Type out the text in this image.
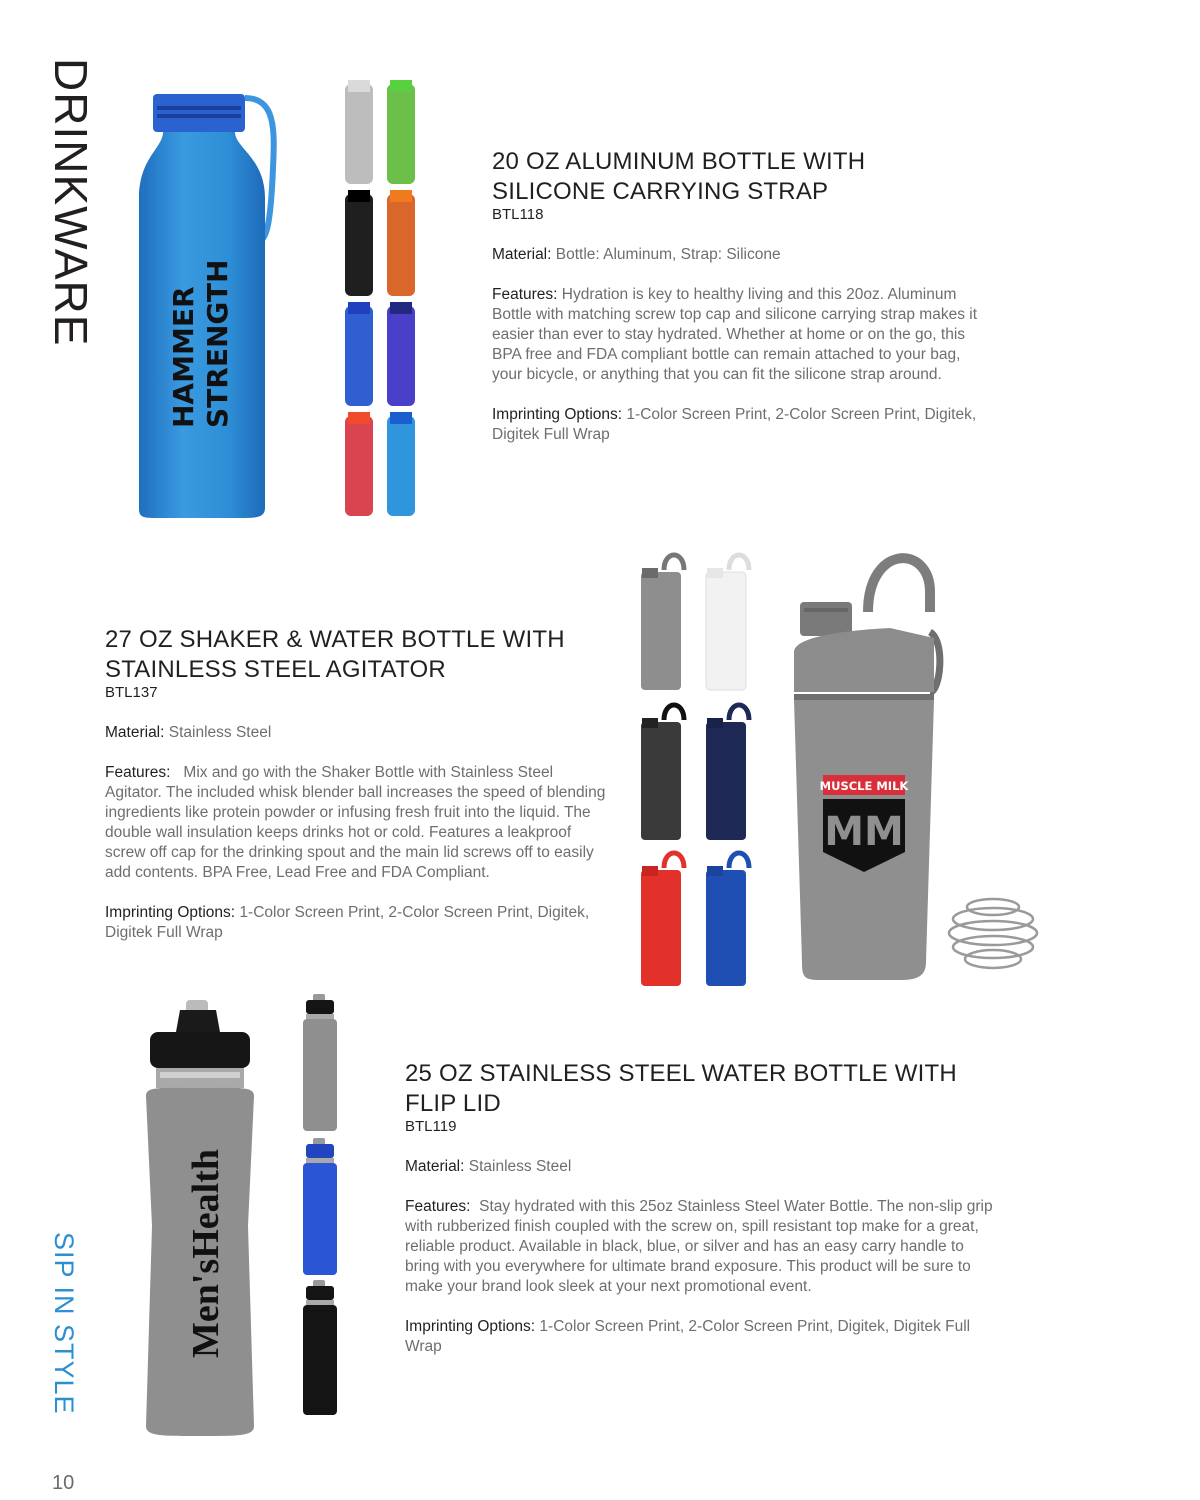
DRINKWARE
SIP IN STYLE
10
HAMMER STRENGTH
20 OZ ALUMINUM BOTTLE WITH
SILICONE CARRYING STRAP
BTL118

Material: Bottle: Aluminum, Strap: Silicone

Features: Hydration is key to healthy living and this 20oz. Aluminum Bottle with matching screw top cap and silicone carrying strap makes it easier than ever to stay hydrated. Whether at home or on the go, this BPA free and FDA compliant bottle can remain attached to your bag, your bicycle, or anything that you can fit the silicone strap around.

Imprinting Options: 1-Color Screen Print, 2-Color Screen Print, Digitek, Digitek Full Wrap

MUSCLE MILK
MM
27 OZ SHAKER & WATER BOTTLE WITH
STAINLESS STEEL AGITATOR
BTL137

Material: Stainless Steel

Features: Mix and go with the Shaker Bottle with Stainless Steel Agitator. The included whisk blender ball increases the speed of blending ingredients like protein powder or infusing fresh fruit into the liquid. The double wall insulation keeps drinks hot or cold. Features a leakproof screw off cap for the drinking spout and the main lid screws off to easily add contents. BPA Free, Lead Free and FDA Compliant.

Imprinting Options: 1-Color Screen Print, 2-Color Screen Print, Digitek, Digitek Full Wrap

Men'sHealth
25 OZ STAINLESS STEEL WATER BOTTLE WITH
FLIP LID
BTL119

Material: Stainless Steel

Features: Stay hydrated with this 25oz Stainless Steel Water Bottle. The non-slip grip with rubberized finish coupled with the screw on, spill resistant top make for a great, reliable product. Available in black, blue, or silver and has an easy carry handle to bring with you everywhere for ultimate brand exposure. This product will be sure to make your brand look sleek at your next promotional event.

Imprinting Options: 1-Color Screen Print, 2-Color Screen Print, Digitek, Digitek Full Wrap
